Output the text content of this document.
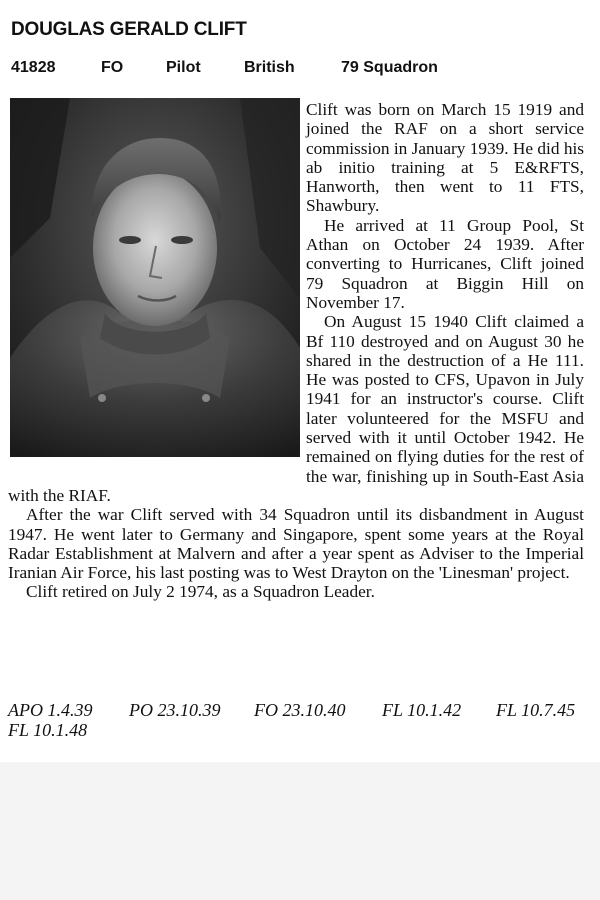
DOUGLAS GERALD CLIFT
41828	FO	Pilot	British	79 Squadron

Clift was born on March 15 1919 and joined the RAF on a short service commission in January 1939. He did his ab initio training at 5 E&RFTS, Hanworth, then went to 11 FTS, Shawbury.

He arrived at 11 Group Pool, St Athan on October 24 1939. After converting to Hurricanes, Clift joined 79 Squadron at Biggin Hill on November 17.

On August 15 1940 Clift claimed a Bf 110 destroyed and on August 30 he shared in the destruction of a He 111. He was posted to CFS, Upavon in July 1941 for an instructor's course. Clift later volunteered for the MSFU and served with it until October 1942. He remained on flying duties for the rest of the war, finishing up in South-East Asia with the RIAF.

After the war Clift served with 34 Squadron until its disbandment in August 1947. He went later to Germany and Singapore, spent some years at the Royal Radar Establishment at Malvern and after a year spent as Adviser to the Imperial Iranian Air Force, his last posting was to West Drayton on the 'Linesman' project.

Clift retired on July 2 1974, as a Squadron Leader.

APO 1.4.39 PO 23.10.39 FO 23.10.40 FL 10.1.42 FL 10.7.45
FL 10.1.48
